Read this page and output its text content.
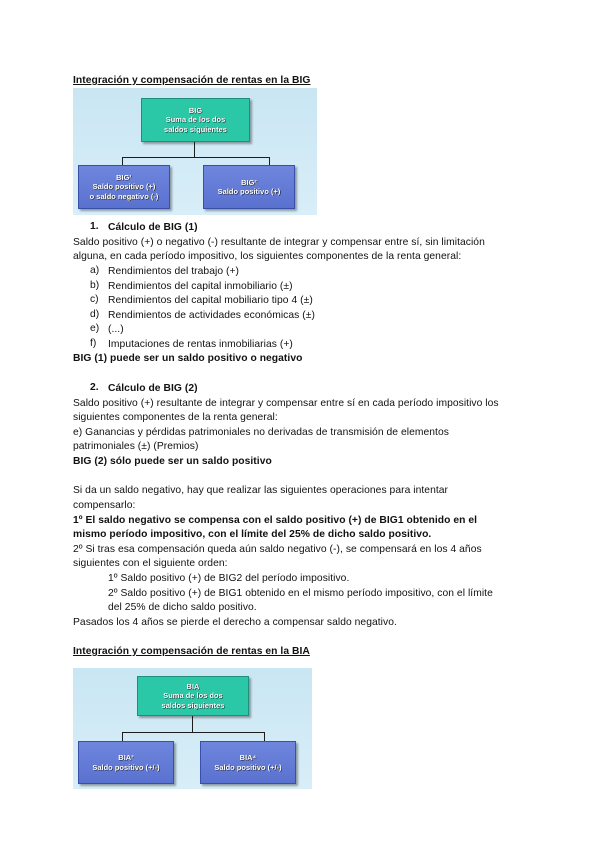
Integración y compensación de rentas en la BIG
BIG
Suma de los dos
saldos siguientes
BIG¹
Saldo positivo (+)
o saldo negativo (-)
BIG²
Saldo positivo (+)
1. Cálculo de BIG (1)
Saldo positivo (+) o negativo (-) resultante de integrar y compensar entre sí, sin limitación
alguna, en cada período impositivo, los siguientes componentes de la renta general:
a) Rendimientos del trabajo (+)
b) Rendimientos del capital inmobiliario (±)
c) Rendimientos del capital mobiliario tipo 4 (±)
d) Rendimientos de actividades económicas (±)
e) (...)
f) Imputaciones de rentas inmobiliarias (+)
BIG (1) puede ser un saldo positivo o negativo
2. Cálculo de BIG (2)
Saldo positivo (+) resultante de integrar y compensar entre sí en cada período impositivo los
siguientes componentes de la renta general:
e) Ganancias y pérdidas patrimoniales no derivadas de transmisión de elementos
patrimoniales (±) (Premios)
BIG (2) sólo puede ser un saldo positivo
Si da un saldo negativo, hay que realizar las siguientes operaciones para intentar
compensarlo:
1º El saldo negativo se compensa con el saldo positivo (+) de BIG1 obtenido en el
mismo período impositivo, con el límite del 25% de dicho saldo positivo.
2º Si tras esa compensación queda aún saldo negativo (-), se compensará en los 4 años
siguientes con el siguiente orden:
1º Saldo positivo (+) de BIG2 del período impositivo.
2º Saldo positivo (+) de BIG1 obtenido en el mismo período impositivo, con el límite
del 25% de dicho saldo positivo.
Pasados los 4 años se pierde el derecho a compensar saldo negativo.
Integración y compensación de rentas en la BIA
BIA
Suma de los dos
saldos siguientes
BIA³
Saldo positivo (+/-)
BIA⁴
Saldo positivo (+/-)
